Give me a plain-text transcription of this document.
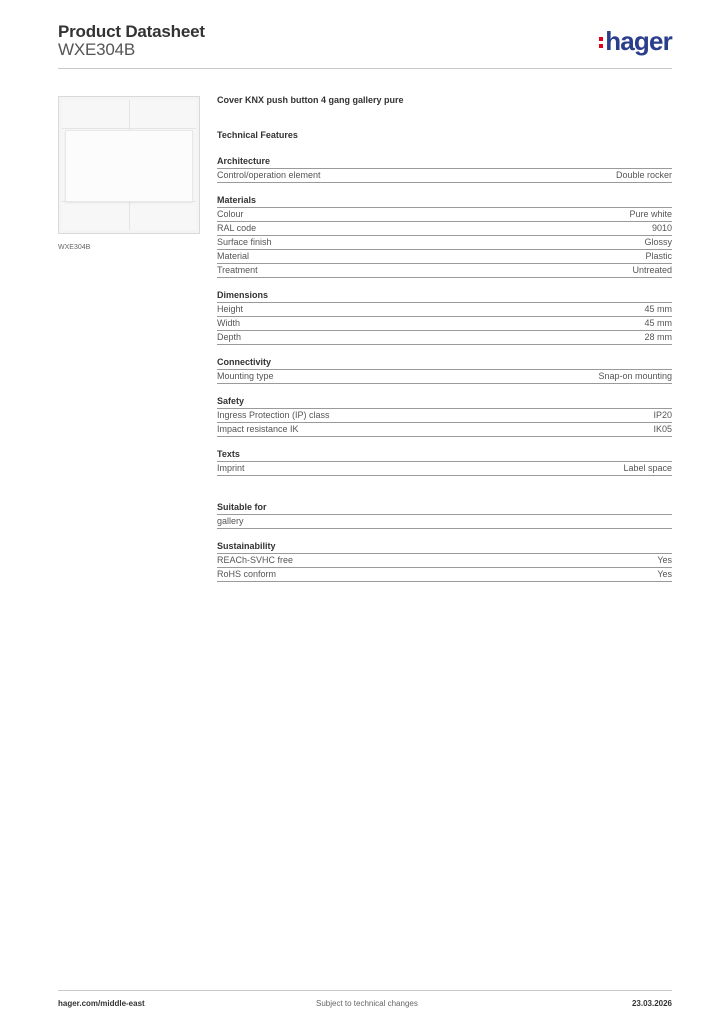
Product Datasheet
WXE304B	hager
WXE304B
Cover KNX push button 4 gang gallery pure
Technical Features
Architecture
Control/operation element	Double rocker
Materials
Colour	Pure white
RAL code	9010
Surface finish	Glossy
Material	Plastic
Treatment	Untreated
Dimensions
Height	45 mm
Width	45 mm
Depth	28 mm
Connectivity
Mounting type	Snap-on mounting
Safety
Ingress Protection (IP) class	IP20
Impact resistance IK	IK05
Texts
Imprint	Label space
Suitable for
gallery
Sustainability
REACh-SVHC free	Yes
RoHS conform	Yes
hager.com/middle-east	Subject to technical changes	23.03.2026
